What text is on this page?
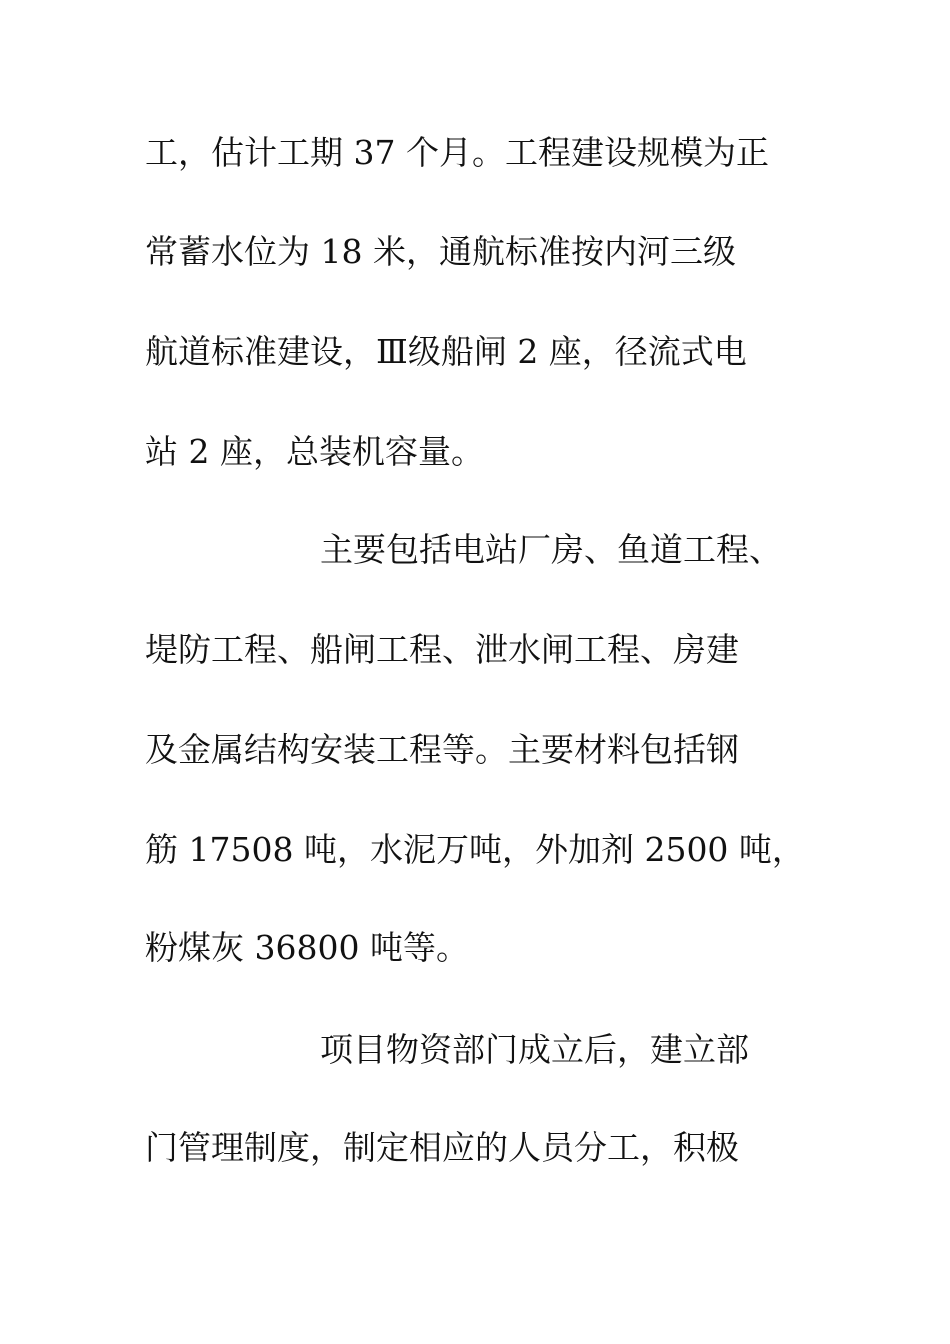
工，估计工期 37 个月。工程建设规模为正
常蓄水位为 18 米，通航标准按内河三级
航道标准建设，Ⅲ级船闸 2 座，径流式电
站 2 座，总装机容量。
主要包括电站厂房、鱼道工程、
堤防工程、船闸工程、泄水闸工程、房建
及金属结构安装工程等。主要材料包括钢
筋 17508 吨，水泥万吨，外加剂 2500 吨，
粉煤灰 36800 吨等。
项目物资部门成立后，建立部
门管理制度，制定相应的人员分工，积极
